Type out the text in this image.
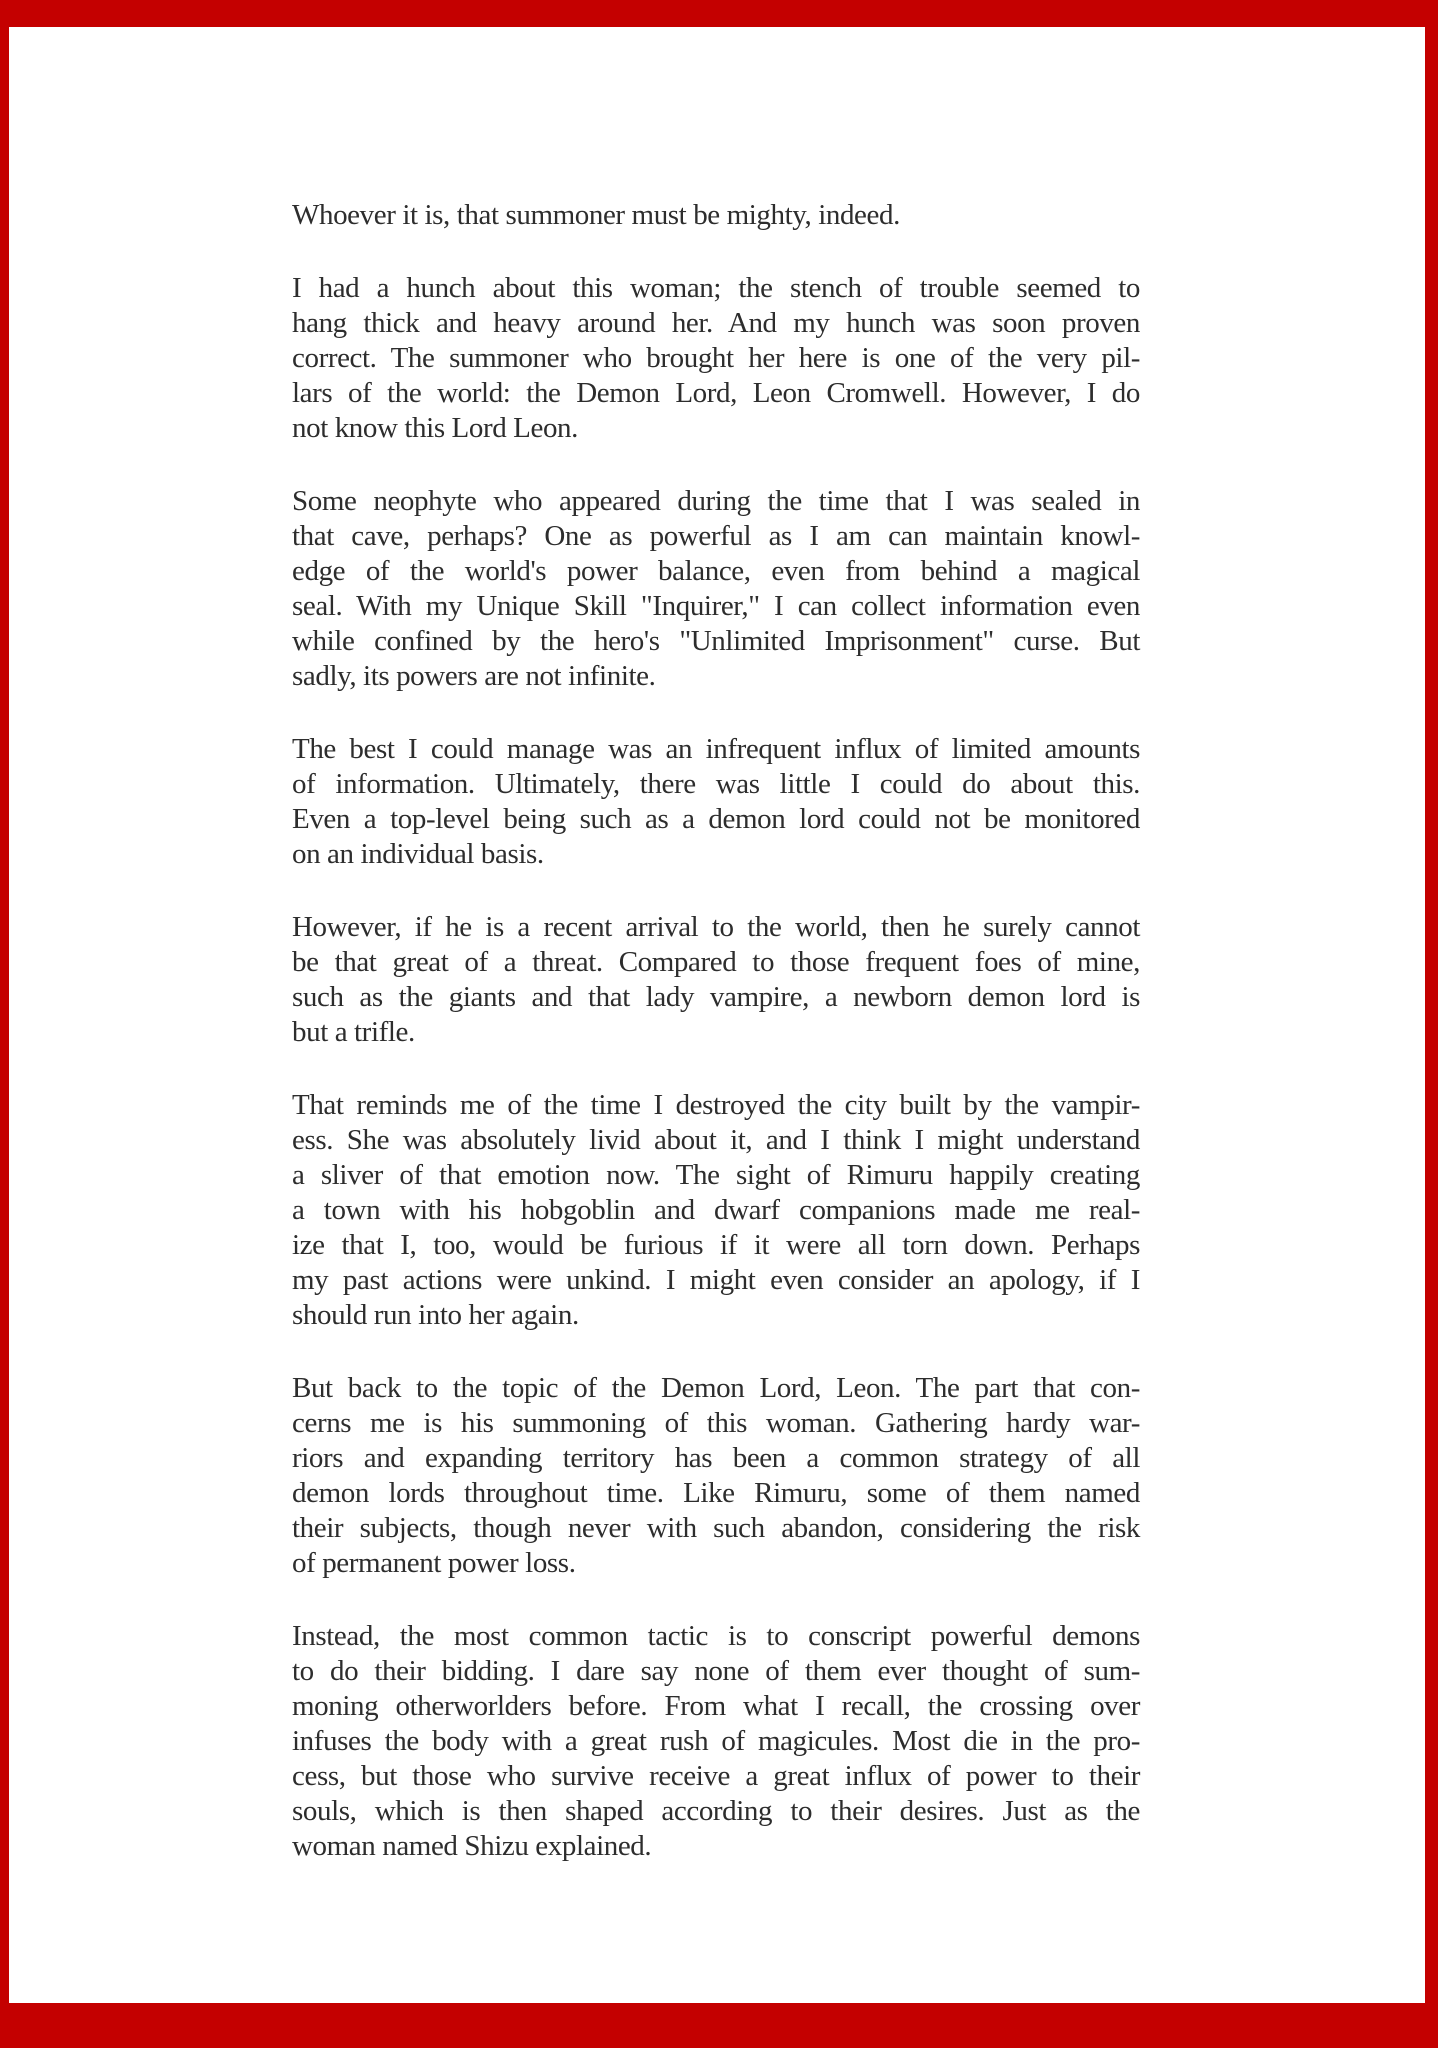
Whoever it is, that summoner must be mighty, indeed.
I had a hunch about this woman; the stench of trouble seemed to
hang thick and heavy around her. And my hunch was soon proven
correct. The summoner who brought her here is one of the very pil-
lars of the world: the Demon Lord, Leon Cromwell. However, I do
not know this Lord Leon.
Some neophyte who appeared during the time that I was sealed in
that cave, perhaps? One as powerful as I am can maintain knowl-
edge of the world's power balance, even from behind a magical
seal. With my Unique Skill "Inquirer," I can collect information even
while confined by the hero's "Unlimited Imprisonment" curse. But
sadly, its powers are not infinite.
The best I could manage was an infrequent influx of limited amounts
of information. Ultimately, there was little I could do about this.
Even a top-level being such as a demon lord could not be monitored
on an individual basis.
However, if he is a recent arrival to the world, then he surely cannot
be that great of a threat. Compared to those frequent foes of mine,
such as the giants and that lady vampire, a newborn demon lord is
but a trifle.
That reminds me of the time I destroyed the city built by the vampir-
ess. She was absolutely livid about it, and I think I might understand
a sliver of that emotion now. The sight of Rimuru happily creating
a town with his hobgoblin and dwarf companions made me real-
ize that I, too, would be furious if it were all torn down. Perhaps
my past actions were unkind. I might even consider an apology, if I
should run into her again.
But back to the topic of the Demon Lord, Leon. The part that con-
cerns me is his summoning of this woman. Gathering hardy war-
riors and expanding territory has been a common strategy of all
demon lords throughout time. Like Rimuru, some of them named
their subjects, though never with such abandon, considering the risk
of permanent power loss.
Instead, the most common tactic is to conscript powerful demons
to do their bidding. I dare say none of them ever thought of sum-
moning otherworlders before. From what I recall, the crossing over
infuses the body with a great rush of magicules. Most die in the pro-
cess, but those who survive receive a great influx of power to their
souls, which is then shaped according to their desires. Just as the
woman named Shizu explained.
